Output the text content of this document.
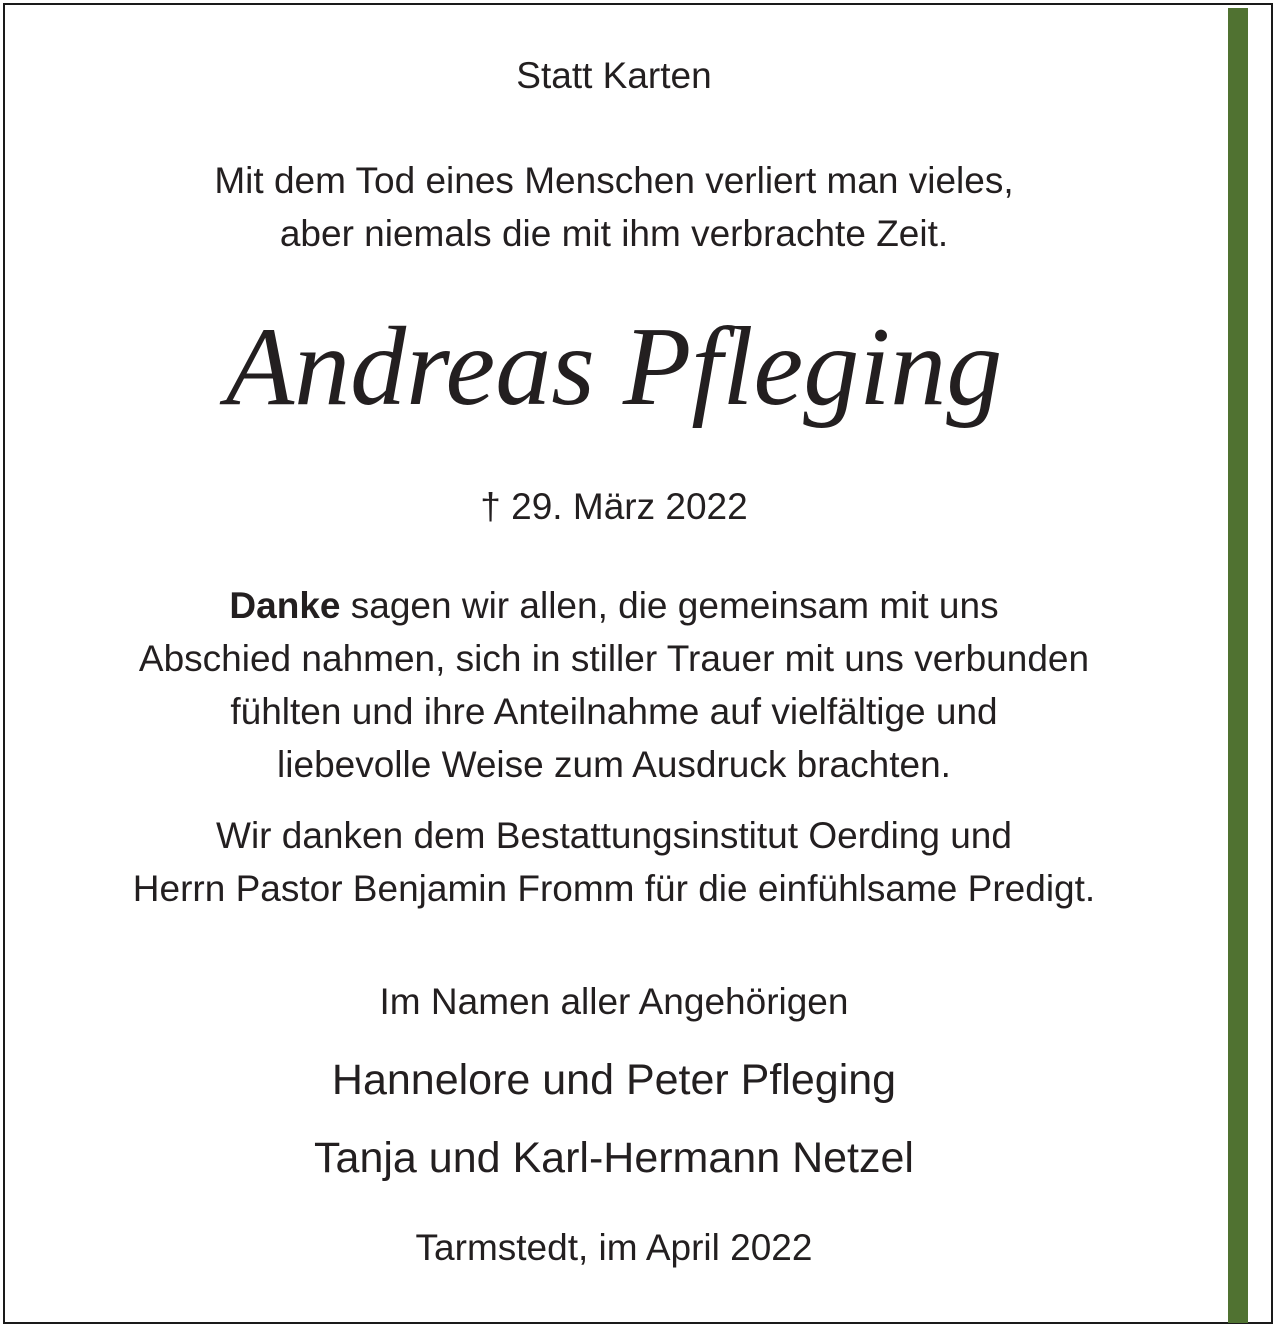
Statt Karten
Mit dem Tod eines Menschen verliert man vieles,
aber niemals die mit ihm verbrachte Zeit.
Andreas Pfleging
† 29. März 2022
Danke sagen wir allen, die gemeinsam mit uns
Abschied nahmen, sich in stiller Trauer mit uns verbunden
fühlten und ihre Anteilnahme auf vielfältige und
liebevolle Weise zum Ausdruck brachten.
Wir danken dem Bestattungsinstitut Oerding und
Herrn Pastor Benjamin Fromm für die einfühlsame Predigt.
Im Namen aller Angehörigen
Hannelore und Peter Pfleging
Tanja und Karl-Hermann Netzel
Tarmstedt, im April 2022
